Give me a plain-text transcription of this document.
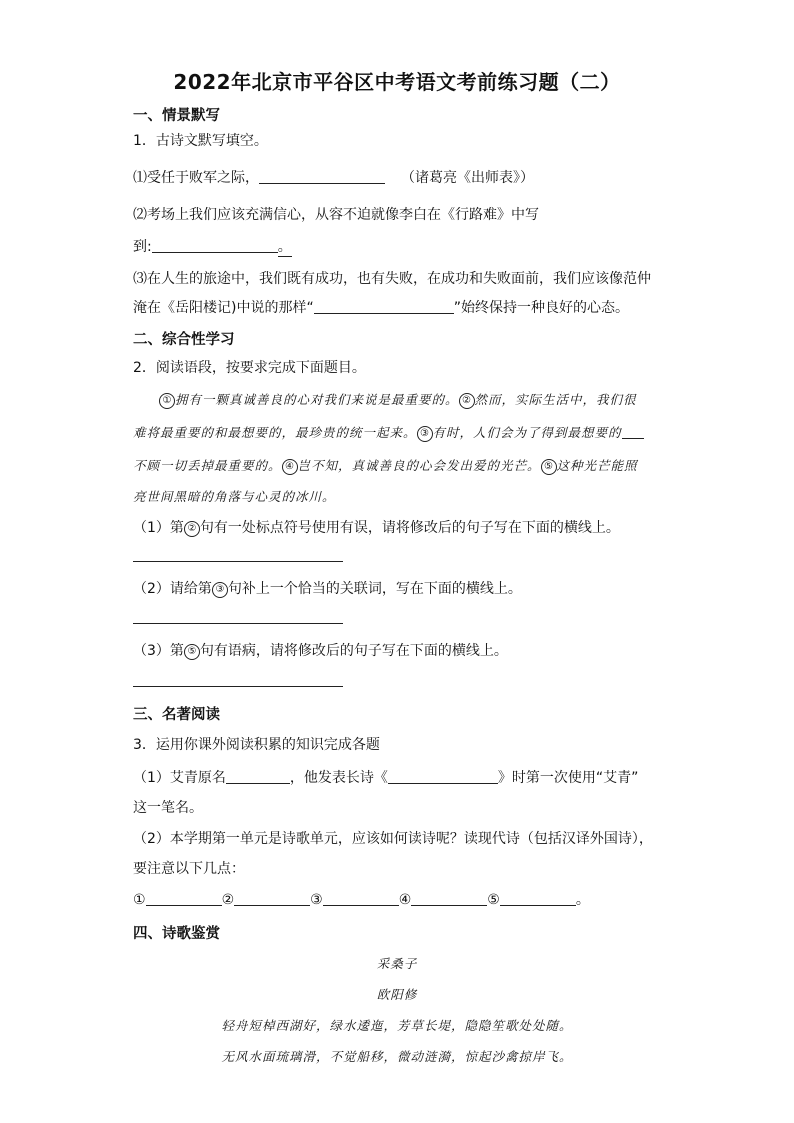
2022年北京市平谷区中考语文考前练习题（二）
一、情景默写
1．古诗文默写填空。
⑴受任于败军之际，	（诸葛亮《出师表》）
⑵考场上我们应该充满信心，从容不迫就像李白在《行路难》中写
到:	。
⑶在人生的旅途中，我们既有成功，也有失败，在成功和失败面前，我们应该像范仲
淹在《岳阳楼记)中说的那样“	”始终保持一种良好的心态。
二、综合性学习
2．阅读语段，按要求完成下面题目。
① 拥有一颗真诚善良的心对我们来说是最重要的。 ② 然而，实际生活中，我们很
难将最重要的和最想要的，最珍贵的统一起来。 ③ 有时，人们会为了得到最想要的
不顾一切丢掉最重要的。 ④ 岂不知，真诚善良的心会发出爱的光芒。 ⑤ 这种光芒能照
亮世间黑暗的角落与心灵的冰川。
（1）第 ② 句有一处标点符号使用有误，请将修改后的句子写在下面的横线上。
（2）请给第 ③ 句补上一个恰当的关联词，写在下面的横线上。
（3）第 ⑤ 句有语病，请将修改后的句子写在下面的横线上。
三、名著阅读
3．运用你课外阅读积累的知识完成各题
（1）艾青原名	，他发表长诗《	》时第一次使用“艾青”
这一笔名。
（2）本学期第一单元是诗歌单元，应该如何读诗呢？读现代诗（包括汉译外国诗），
要注意以下几点：
①	②	③	④	⑤	。
四、诗歌鉴赏
采桑子
欧阳修
轻舟短棹西湖好，绿水逶迤，芳草长堤，隐隐笙歌处处随。
无风水面琉璃滑，不觉船移，微动涟漪，惊起沙禽掠岸飞。
